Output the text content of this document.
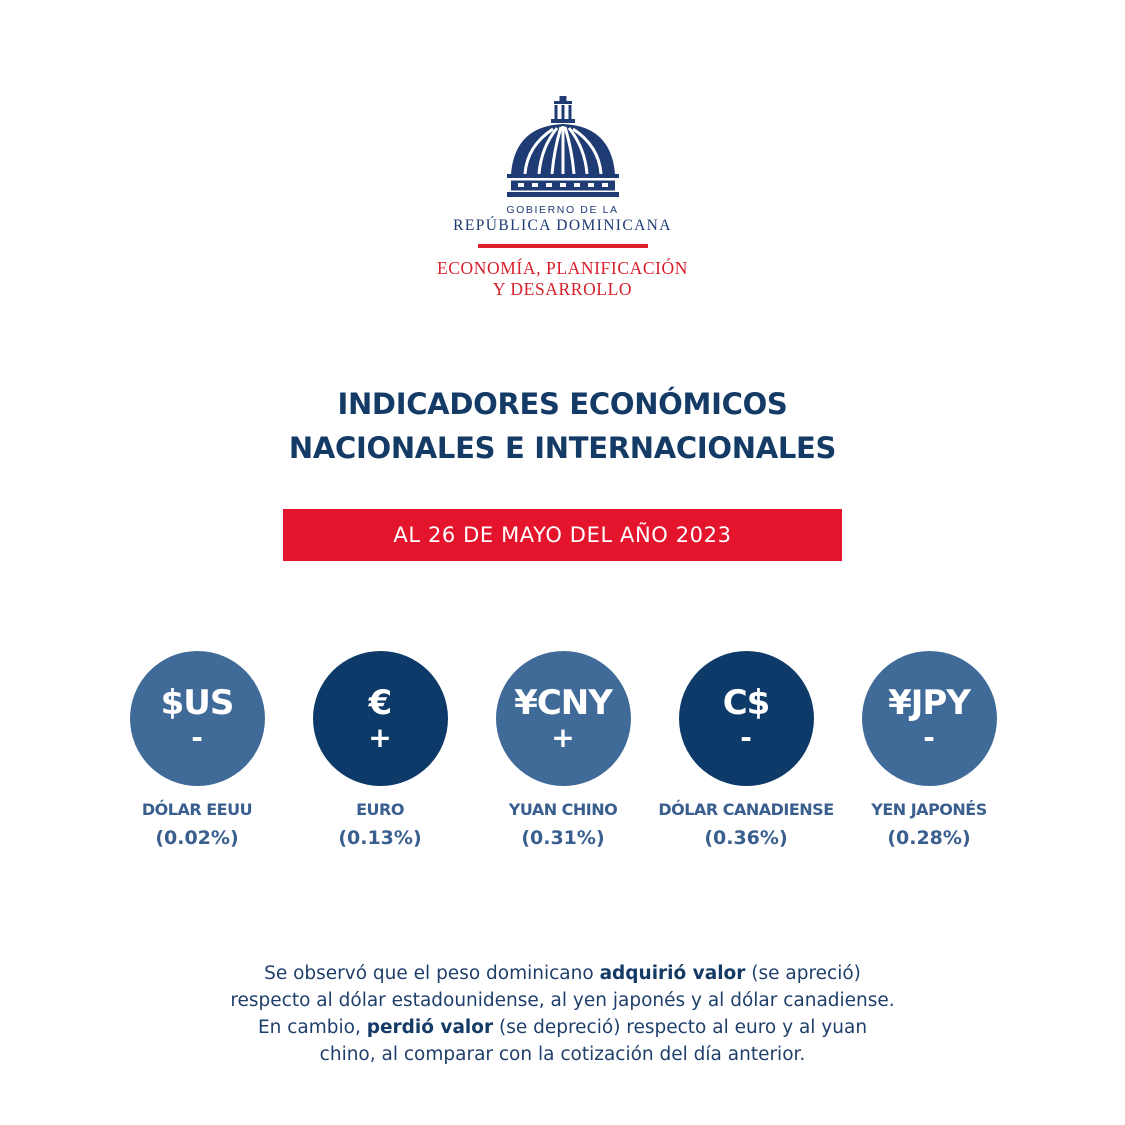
GOBIERNO DE LA
REPÚBLICA DOMINICANA
ECONOMÍA, PLANIFICACIÓN
Y DESARROLLO
INDICADORES ECONÓMICOS
NACIONALES E INTERNACIONALES
AL 26 DE MAYO DEL AÑO 2023
$US
-
DÓLAR EEUU
(0.02%)
€
+
EURO
(0.13%)
¥CNY
+
YUAN CHINO
(0.31%)
C$
-
DÓLAR CANADIENSE
(0.36%)
¥JPY
-
YEN JAPONÉS
(0.28%)
Se observó que el peso dominicano adquirió valor (se apreció)
respecto al dólar estadounidense, al yen japonés y al dólar canadiense.
En cambio, perdió valor (se depreció) respecto al euro y al yuan
chino, al comparar con la cotización del día anterior.
